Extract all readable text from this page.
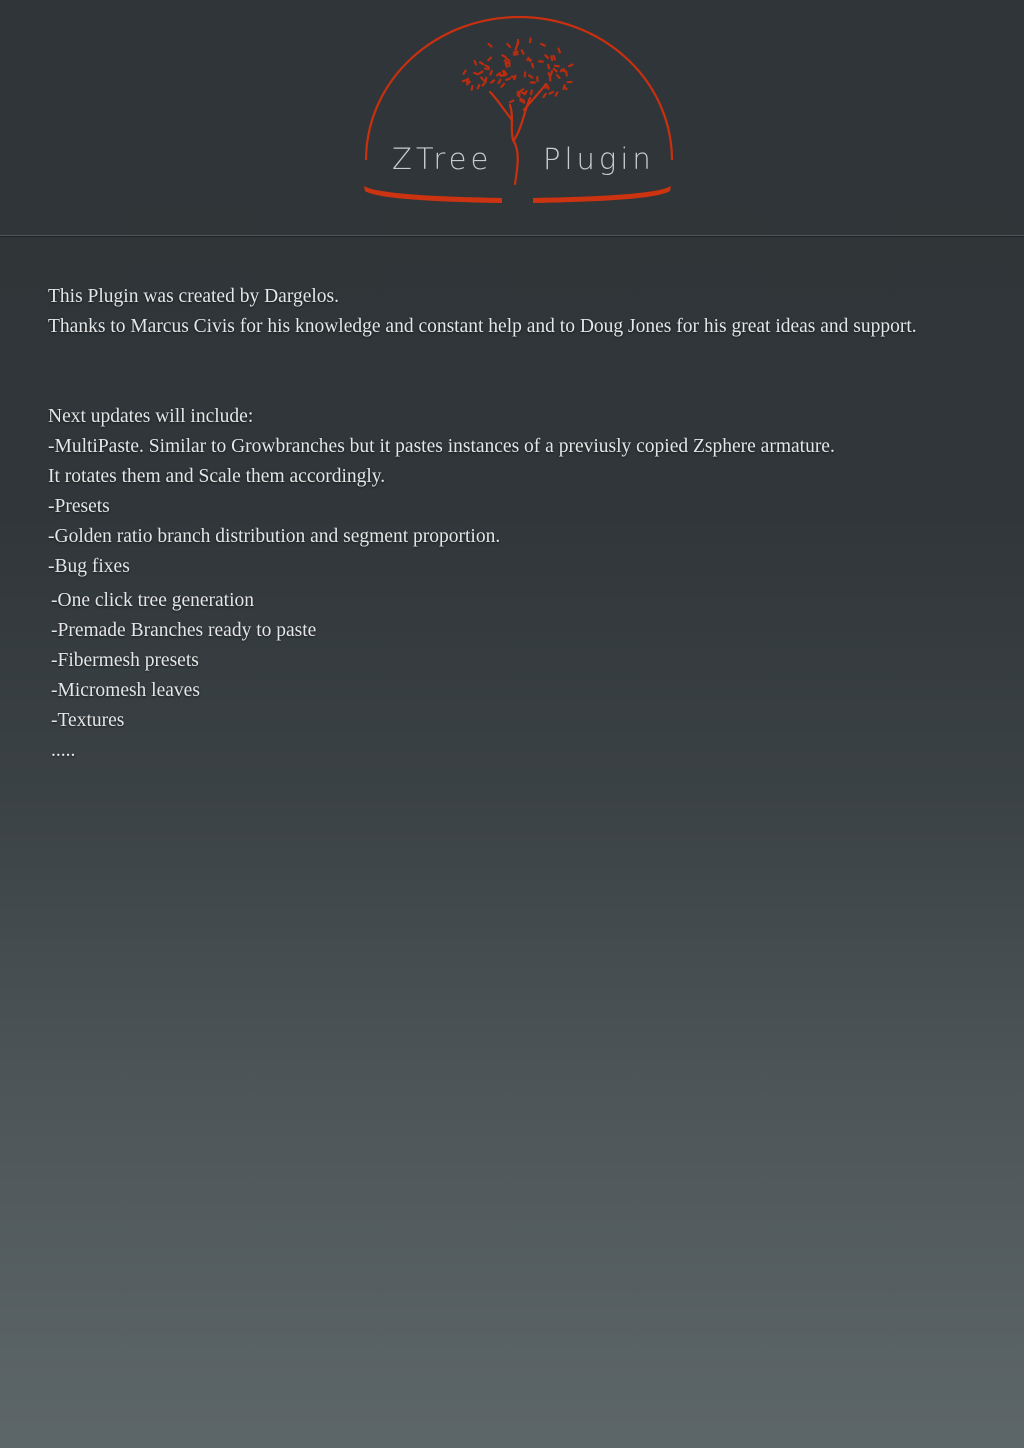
ZTree Plugin
This Plugin was created by Dargelos.
Thanks to Marcus Civis for his knowledge and constant help and to Doug Jones for his great ideas and support.
Next updates will include:
-MultiPaste. Similar to Growbranches but it pastes instances of a previusly copied Zsphere armature.
It rotates them and Scale them accordingly.
-Presets
-Golden ratio branch distribution and segment proportion.
-Bug fixes
-One click tree generation
-Premade Branches ready to paste
-Fibermesh presets
-Micromesh leaves
-Textures
.....
